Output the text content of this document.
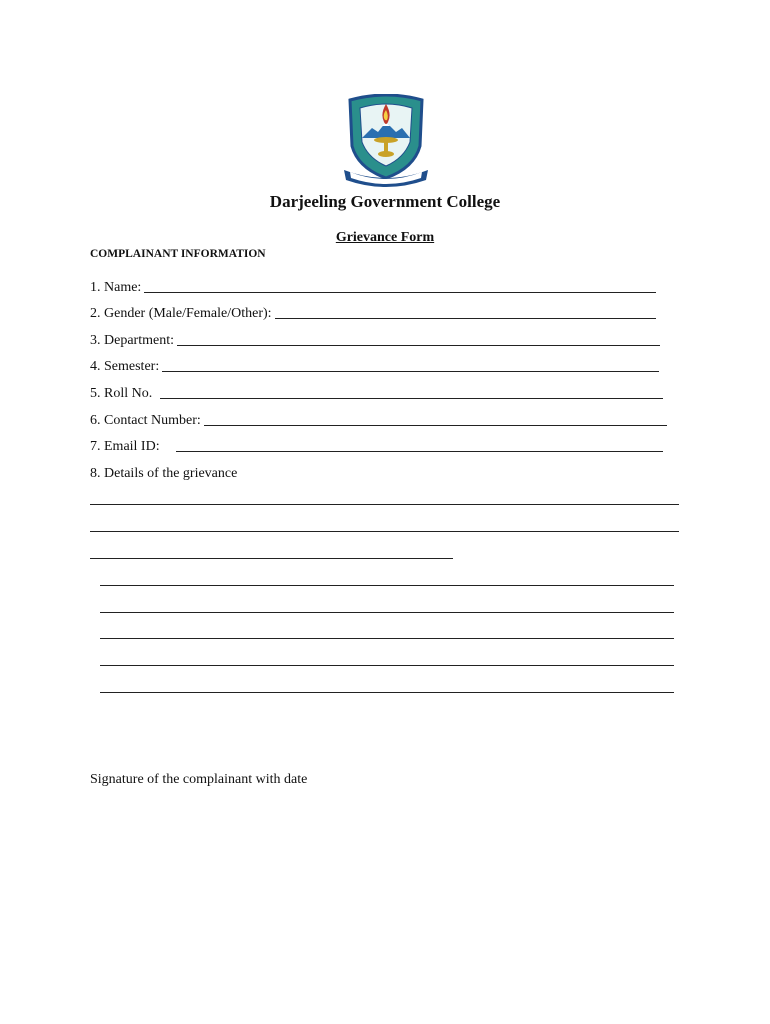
Darjeeling Government College
Grievance Form
COMPLAINANT INFORMATION
1. Name:
2. Gender (Male/Female/Other):
3. Department:
4. Semester:
5. Roll No.
6. Contact Number:
7. Email ID:
8. Details of the grievance
Signature of the complainant with date
